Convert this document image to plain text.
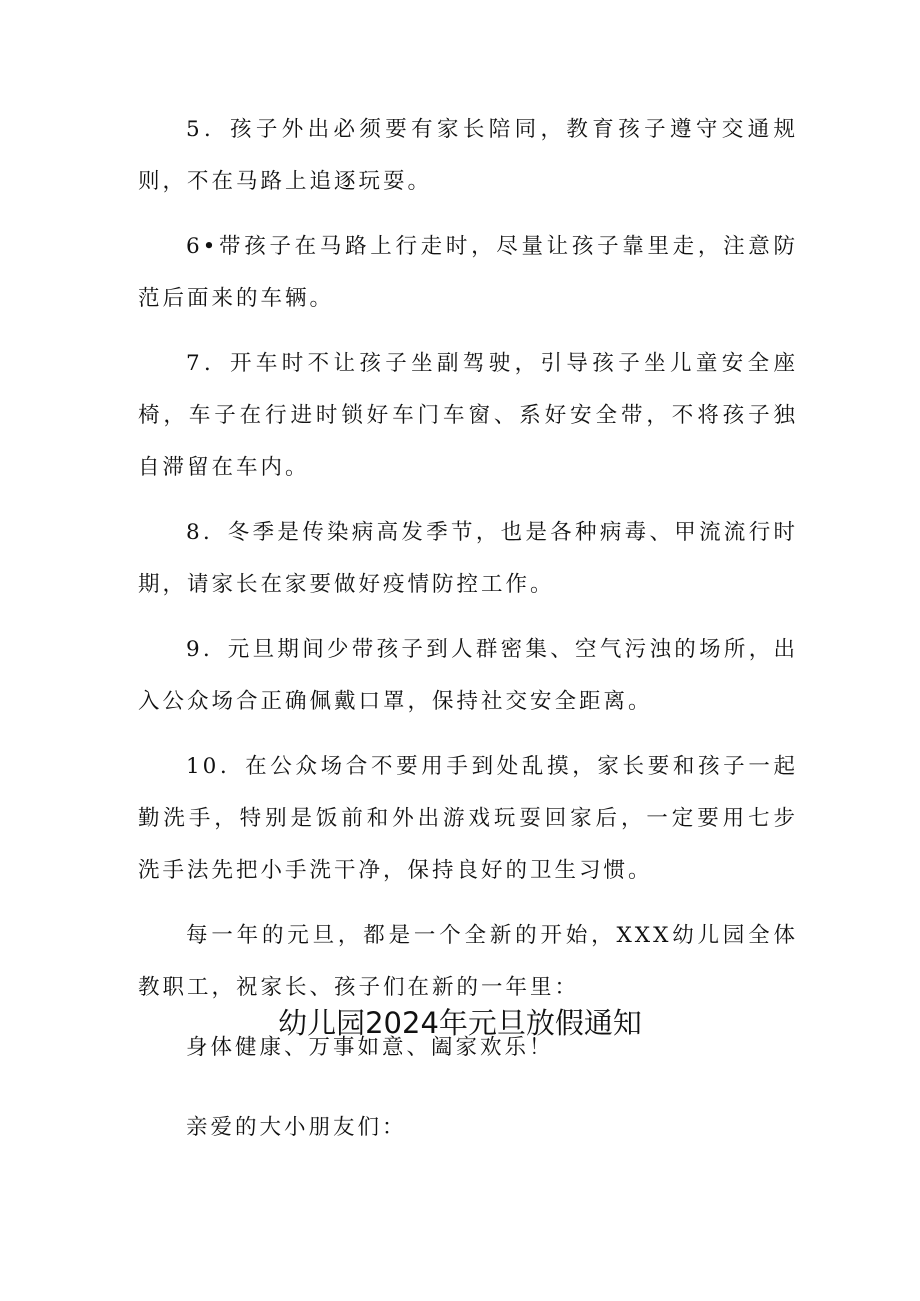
5．孩子外出必须要有家长陪同，教育孩子遵守交通规则，不在马路上追逐玩耍。

6•带孩子在马路上行走时，尽量让孩子靠里走，注意防范后面来的车辆。

7．开车时不让孩子坐副驾驶，引导孩子坐儿童安全座椅，车子在行进时锁好车门车窗、系好安全带，不将孩子独自滞留在车内。

8．冬季是传染病高发季节，也是各种病毒、甲流流行时期，请家长在家要做好疫情防控工作。

9．元旦期间少带孩子到人群密集、空气污浊的场所，出入公众场合正确佩戴口罩，保持社交安全距离。

10．在公众场合不要用手到处乱摸，家长要和孩子一起勤洗手，特别是饭前和外出游戏玩耍回家后，一定要用七步洗手法先把小手洗干净，保持良好的卫生习惯。

每一年的元旦，都是一个全新的开始，XXX幼儿园全体教职工，祝家长、孩子们在新的一年里：

身体健康、万事如意、阖家欢乐！

幼儿园2024年元旦放假通知
亲爱的大小朋友们：
